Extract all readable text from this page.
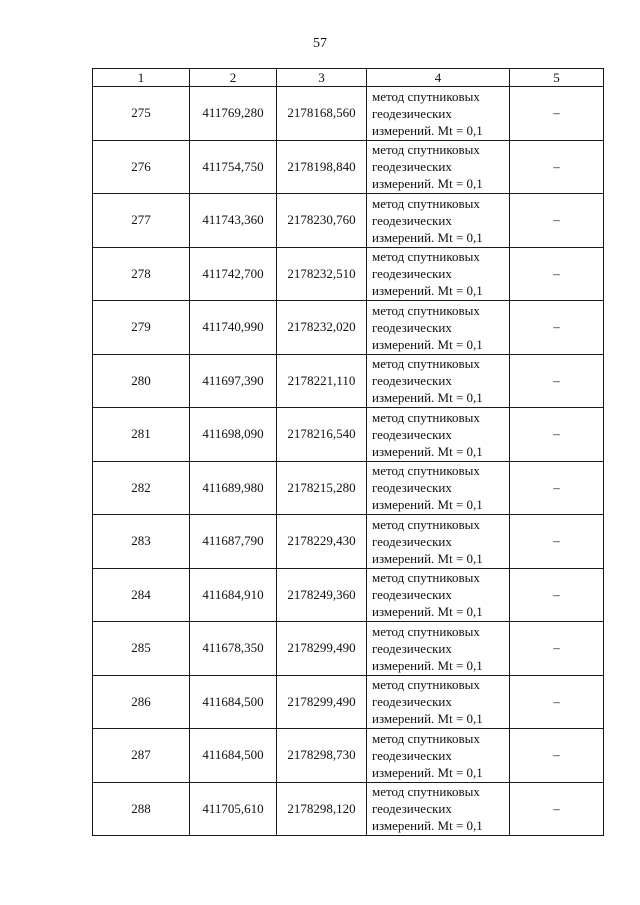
57
1	2	3	4	5
275	411769,280	2178168,560	метод спутниковых
геодезических
измерений. Mt = 0,1	–
276	411754,750	2178198,840	метод спутниковых
геодезических
измерений. Mt = 0,1	–
277	411743,360	2178230,760	метод спутниковых
геодезических
измерений. Mt = 0,1	–
278	411742,700	2178232,510	метод спутниковых
геодезических
измерений. Mt = 0,1	–
279	411740,990	2178232,020	метод спутниковых
геодезических
измерений. Mt = 0,1	–
280	411697,390	2178221,110	метод спутниковых
геодезических
измерений. Mt = 0,1	–
281	411698,090	2178216,540	метод спутниковых
геодезических
измерений. Mt = 0,1	–
282	411689,980	2178215,280	метод спутниковых
геодезических
измерений. Mt = 0,1	–
283	411687,790	2178229,430	метод спутниковых
геодезических
измерений. Mt = 0,1	–
284	411684,910	2178249,360	метод спутниковых
геодезических
измерений. Mt = 0,1	–
285	411678,350	2178299,490	метод спутниковых
геодезических
измерений. Mt = 0,1	–
286	411684,500	2178299,490	метод спутниковых
геодезических
измерений. Mt = 0,1	–
287	411684,500	2178298,730	метод спутниковых
геодезических
измерений. Mt = 0,1	–
288	411705,610	2178298,120	метод спутниковых
геодезических
измерений. Mt = 0,1	–
